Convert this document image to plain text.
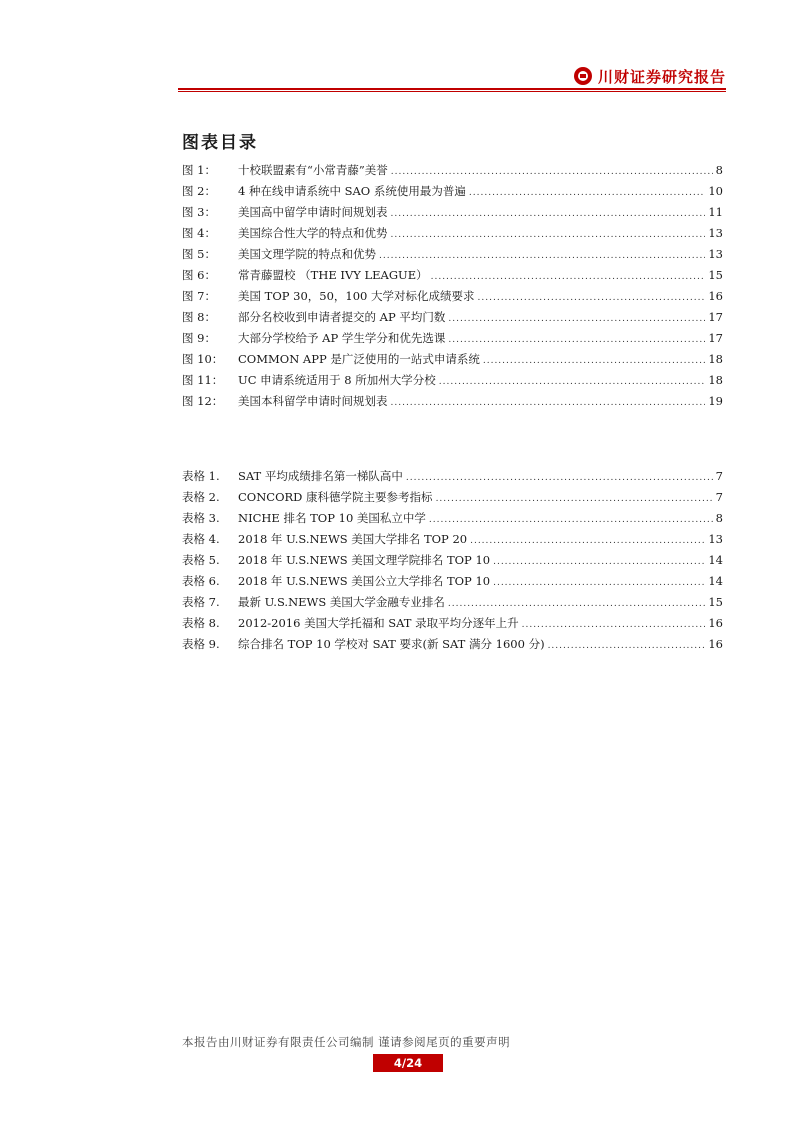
川财证券研究报告
图表目录
图 1：	十校联盟素有“小常青藤”美誉 .....	8
图 2：	4 种在线申请系统中 SAO 系统使用最为普遍 .....	10
图 3：	美国高中留学申请时间规划表 .....	11
图 4：	美国综合性大学的特点和优势 .....	13
图 5：	美国文理学院的特点和优势 .....	13
图 6：	常青藤盟校 （THE IVY LEAGUE） .....	15
图 7：	美国 TOP 30，50，100 大学对标化成绩要求 .....	16
图 8：	部分名校收到申请者提交的 AP 平均门数 .....	17
图 9：	大部分学校给予 AP 学生学分和优先选课 .....	17
图 10：	COMMON APP 是广泛使用的一站式申请系统 .....	18
图 11：	UC 申请系统适用于 8 所加州大学分校 .....	18
图 12：	美国本科留学申请时间规划表 .....	19
表格 1.	SAT 平均成绩排名第一梯队高中 .....	7
表格 2.	CONCORD 康科德学院主要参考指标 .....	7
表格 3.	NICHE 排名 TOP 10 美国私立中学 .....	8
表格 4.	2018 年 U.S.NEWS 美国大学排名 TOP 20 .....	13
表格 5.	2018 年 U.S.NEWS 美国文理学院排名 TOP 10 .....	14
表格 6.	2018 年 U.S.NEWS 美国公立大学排名 TOP 10 .....	14
表格 7.	最新 U.S.NEWS 美国大学金融专业排名 .....	15
表格 8.	2012-2016 美国大学托福和 SAT 录取平均分逐年上升 .....	16
表格 9.	综合排名 TOP 10 学校对 SAT 要求(新 SAT 满分 1600 分) .....	16
本报告由川财证券有限责任公司编制 谨请参阅尾页的重要声明
4/24
